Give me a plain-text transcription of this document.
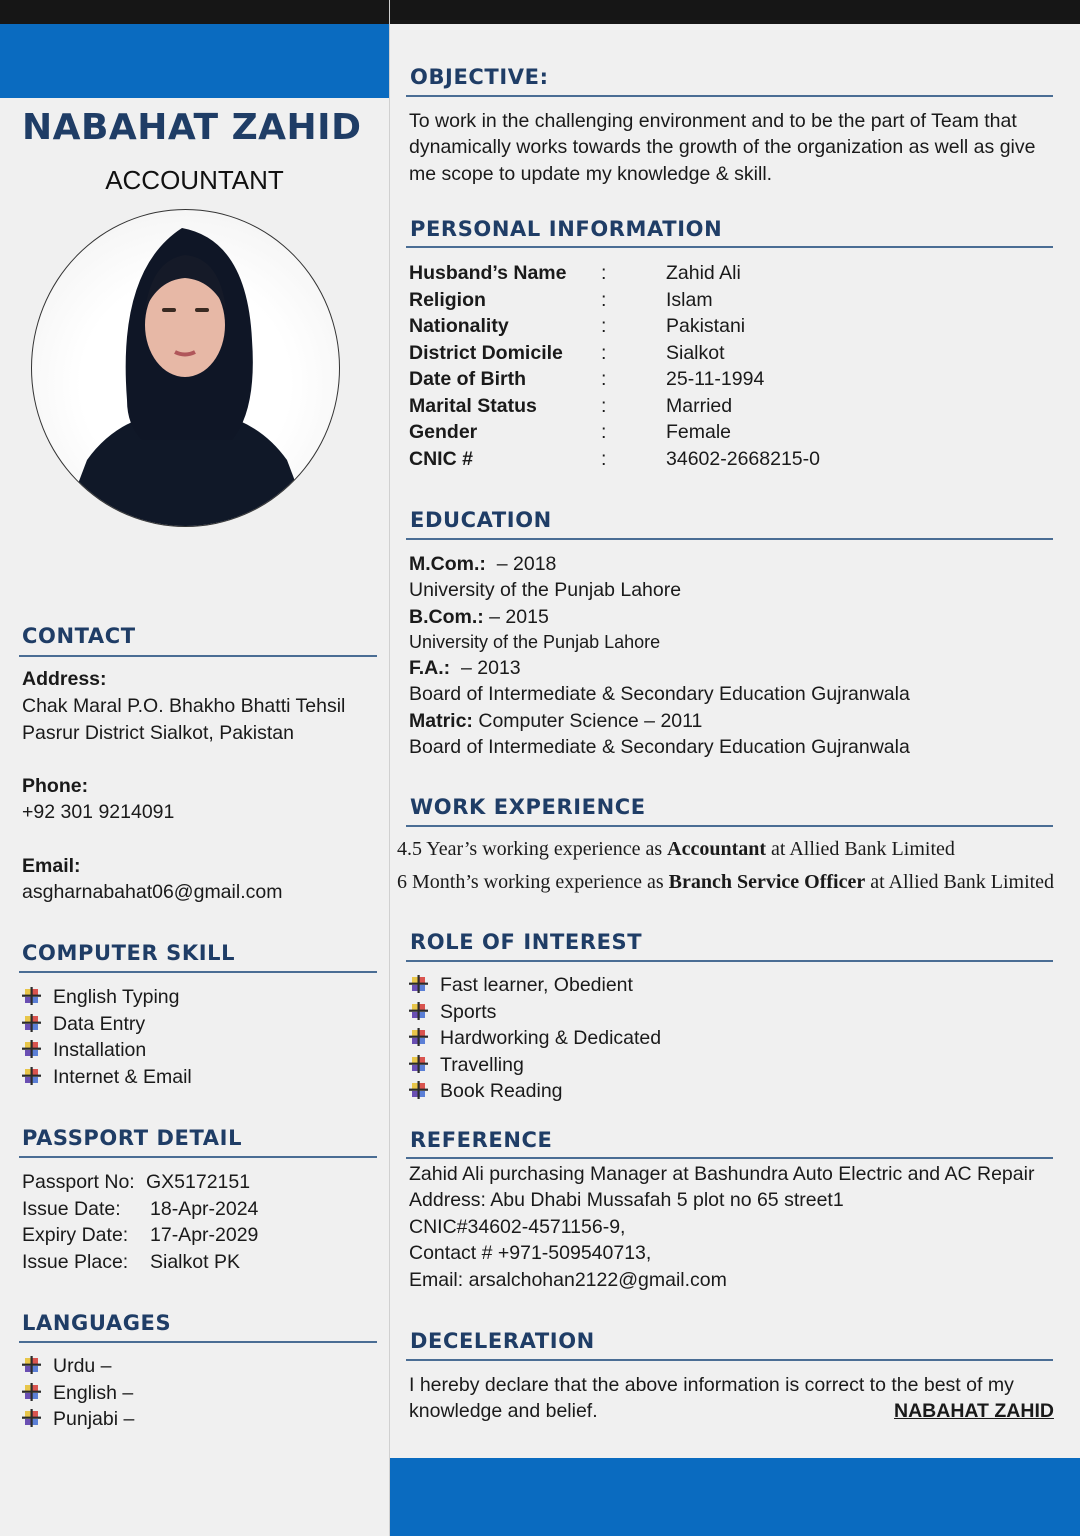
NABAHAT ZAHID
ACCOUNTANT
CONTACT
Address:
Chak Maral P.O. Bhakho Bhatti Tehsil
Pasrur District Sialkot, Pakistan
Phone:
+92 301 9214091
Email:
asgharnabahat06@gmail.com
COMPUTER SKILL
English Typing
Data Entry
Installation
Internet & Email
PASSPORT DETAIL
Passport No: GX5172151
Issue Date: 18-Apr-2024
Expiry Date: 17-Apr-2029
Issue Place: Sialkot PK
LANGUAGES
Urdu –
English –
Punjabi –
OBJECTIVE:
To work in the challenging environment and to be the part of Team that
dynamically works towards the growth of the organization as well as give
me scope to update my knowledge & skill.
PERSONAL INFORMATION
Husband’s Name	:	Zahid Ali
Religion	:	Islam
Nationality	:	Pakistani
District Domicile	:	Sialkot
Date of Birth	:	25-11-1994
Marital Status	:	Married
Gender	:	Female
CNIC #	:	34602-2668215-0
EDUCATION
M.Com.:  – 2018
University of the Punjab Lahore
B.Com.: – 2015
University of the Punjab Lahore
F.A.:  – 2013
Board of Intermediate & Secondary Education Gujranwala
Matric: Computer Science – 2011
Board of Intermediate & Secondary Education Gujranwala
WORK EXPERIENCE
4.5 Year’s working experience as Accountant at Allied Bank Limited
6 Month’s working experience as Branch Service Officer at Allied Bank Limited
ROLE OF INTEREST
Fast learner, Obedient
Sports
Hardworking & Dedicated
Travelling
Book Reading
REFERENCE
Zahid Ali purchasing Manager at Bashundra Auto Electric and AC Repair
Address: Abu Dhabi Mussafah 5 plot no 65 street1
CNIC#34602-4571156-9,
Contact # +971-509540713,
Email: arsalchohan2122@gmail.com
DECELERATION
I hereby declare that the above information is correct to the best of my
knowledge and belief.	NABAHAT ZAHID
